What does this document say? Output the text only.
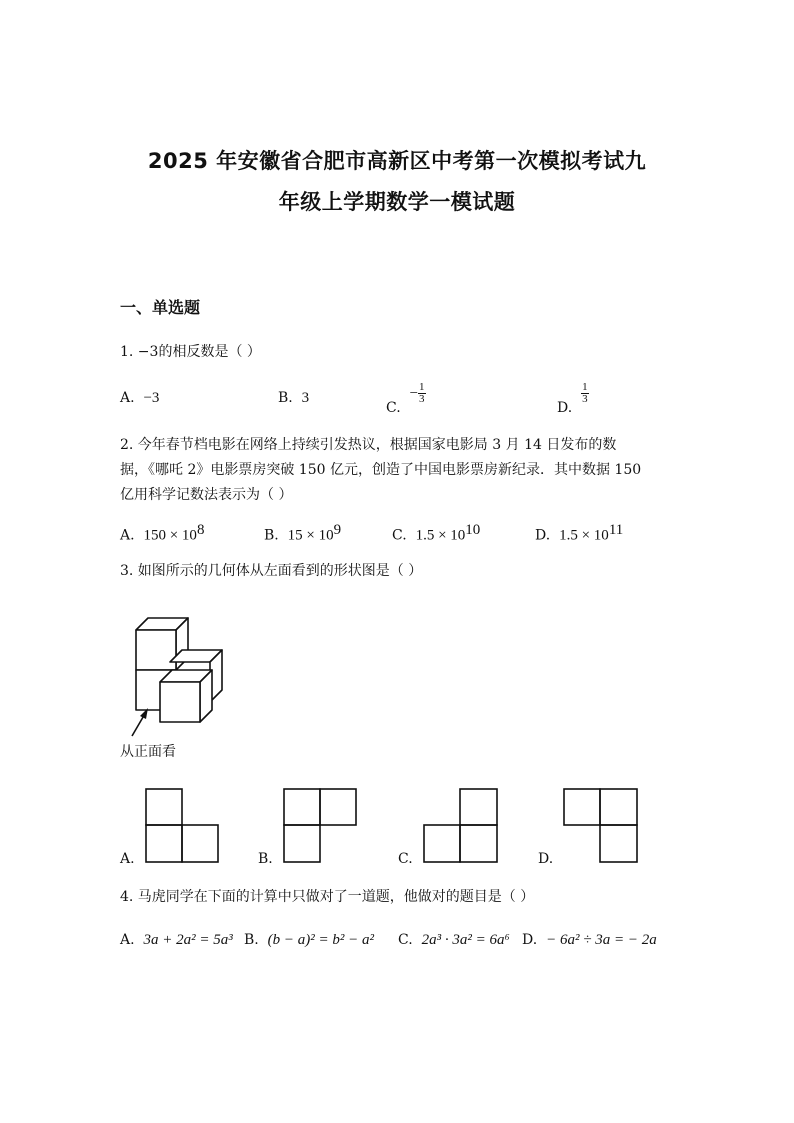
2025 年安徽省合肥市高新区中考第一次模拟考试九
年级上学期数学一模试题
一、单选题
1. −3的相反数是（ ）
A. −3	B. 3
C.  − $\frac{1}{3}$
D.
$\frac{1}{3}$
2. 今年春节档电影在网络上持续引发热议，根据国家电影局 3 月 14 日发布的数
据，《哪吒 2》电影票房突破 150 亿元，创造了中国电影票房新纪录．其中数据 150
亿用科学记数法表示为（ ）
A. $150 \times 10^8$	B. $15 \times 10^9$	C. $1.5 \times 10^{10}$	D. $1.5 \times 10^{11}$
3. 如图所示的几何体从左面看到的形状图是（ ）
从正面看
A.	B.	C.	D.
4. 马虎同学在下面的计算中只做对了一道题，他做对的题目是（ ）
A. 3a + 2a² = 5a³ B. (b − a)² = b² − a² C. 2a³ · 3a² = 6a⁶ D. − 6a² ÷ 3a = − 2a
